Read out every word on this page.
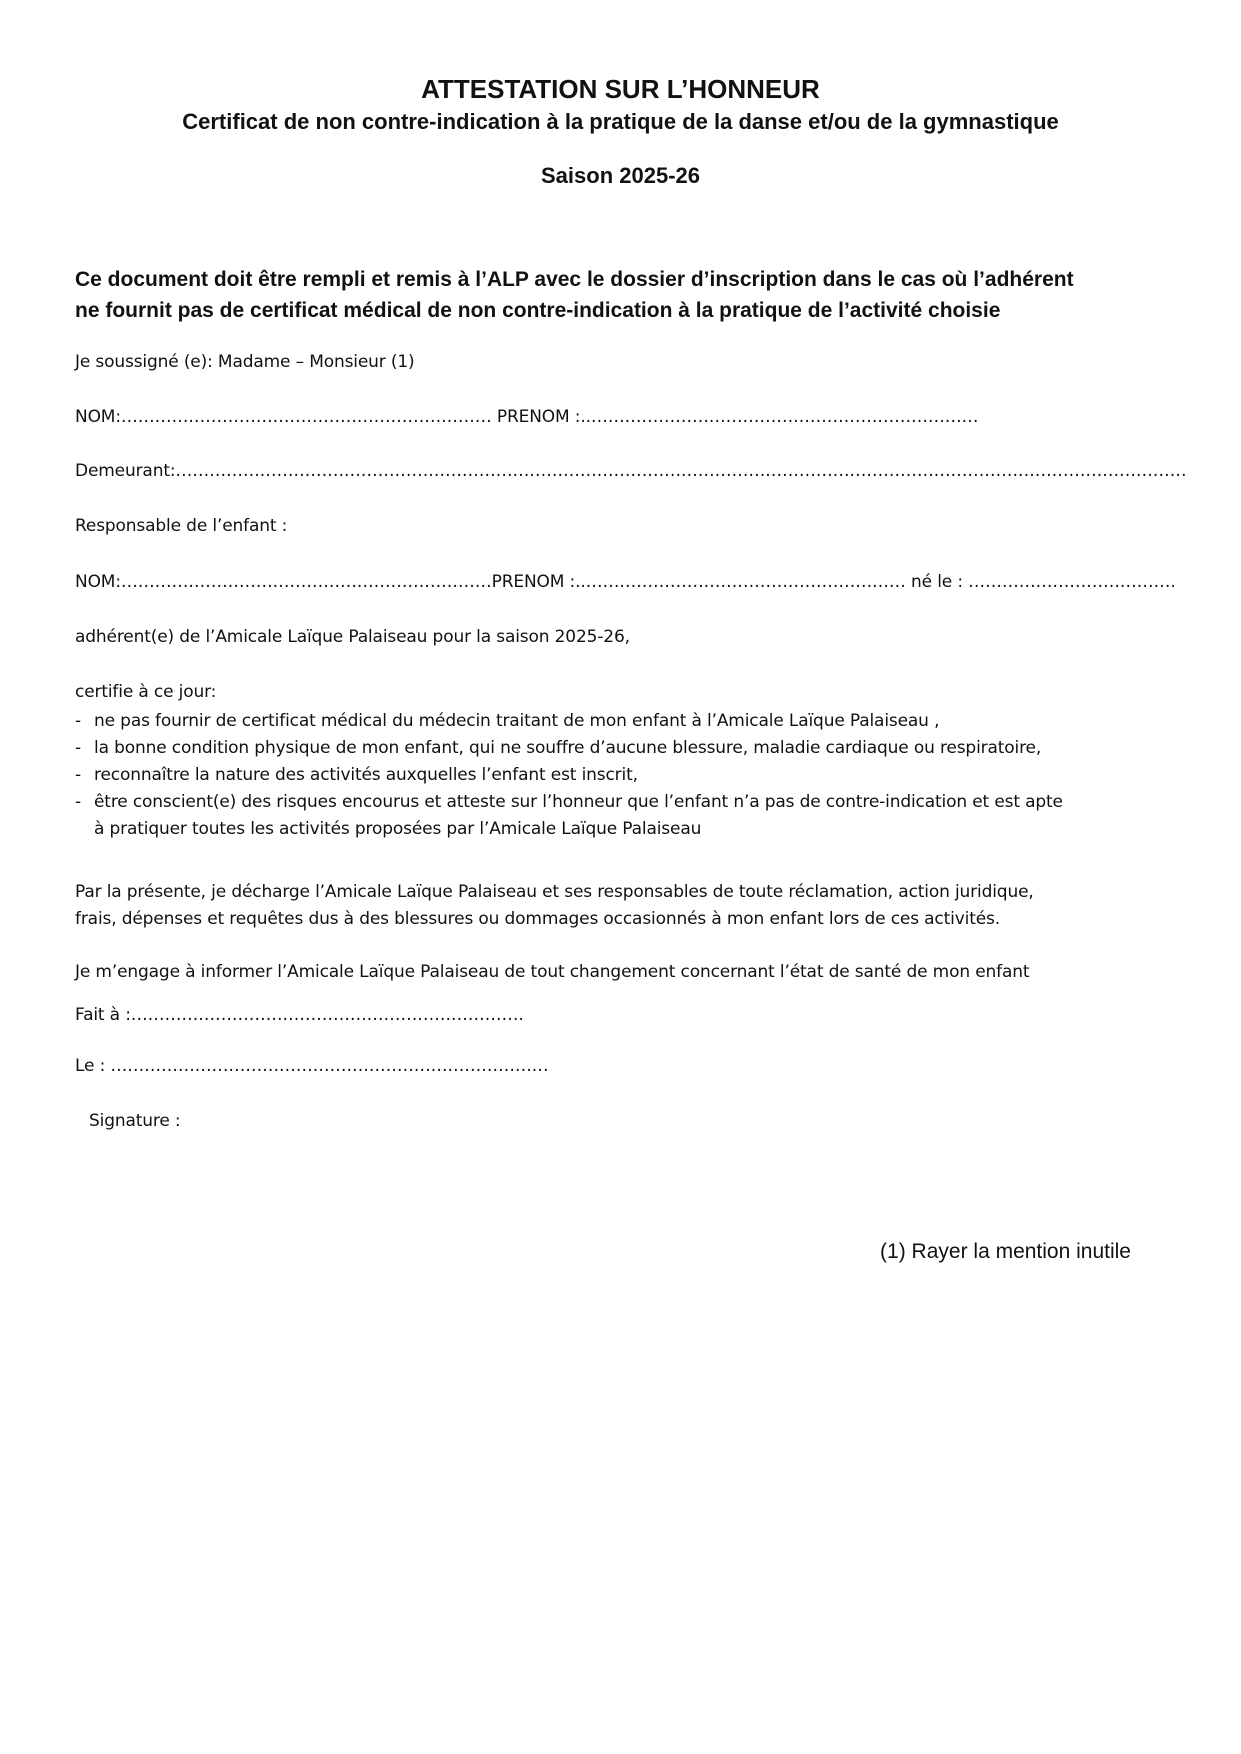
ATTESTATION SUR L’HONNEUR
Certificat de non contre-indication à la pratique de la danse et/ou de la gymnastique
Saison 2025-26
Ce document doit être rempli et remis à l’ALP avec le dossier d’inscription dans le cas où l’adhérent
ne fournit pas de certificat médical de non contre-indication à la pratique de l’activité choisie
Je soussigné (e): Madame – Monsieur (1)
NOM:………………………………………………………… PRENOM :..……………………………………………………………
Demeurant:………………………………………………………………………………………………………………………………………………………………
Responsable de l’enfant :
NOM:…………………………………………………………PRENOM :..………………………………………………… né le : ……………………………….
adhérent(e) de l’Amicale Laïque Palaiseau pour la saison 2025-26,
certifie à ce jour:
- ne pas fournir de certificat médical du médecin traitant de mon enfant à l’Amicale Laïque Palaiseau ,
- la bonne condition physique de mon enfant, qui ne souffre d’aucune blessure, maladie cardiaque ou respiratoire,
- reconnaître la nature des activités auxquelles l’enfant est inscrit,
- être conscient(e) des risques encourus et atteste sur l’honneur que l’enfant n’a pas de contre-indication et est apte
à pratiquer toutes les activités proposées par l’Amicale Laïque Palaiseau
Par la présente, je décharge l’Amicale Laïque Palaiseau et ses responsables de toute réclamation, action juridique,
frais, dépenses et requêtes dus à des blessures ou dommages occasionnés à mon enfant lors de ces activités.
Je m’engage à informer l’Amicale Laïque Palaiseau de tout changement concernant l’état de santé de mon enfant
Fait à :…………………………………………………………….
Le : ……………………………………………………………………
Signature :
(1) Rayer la mention inutile
